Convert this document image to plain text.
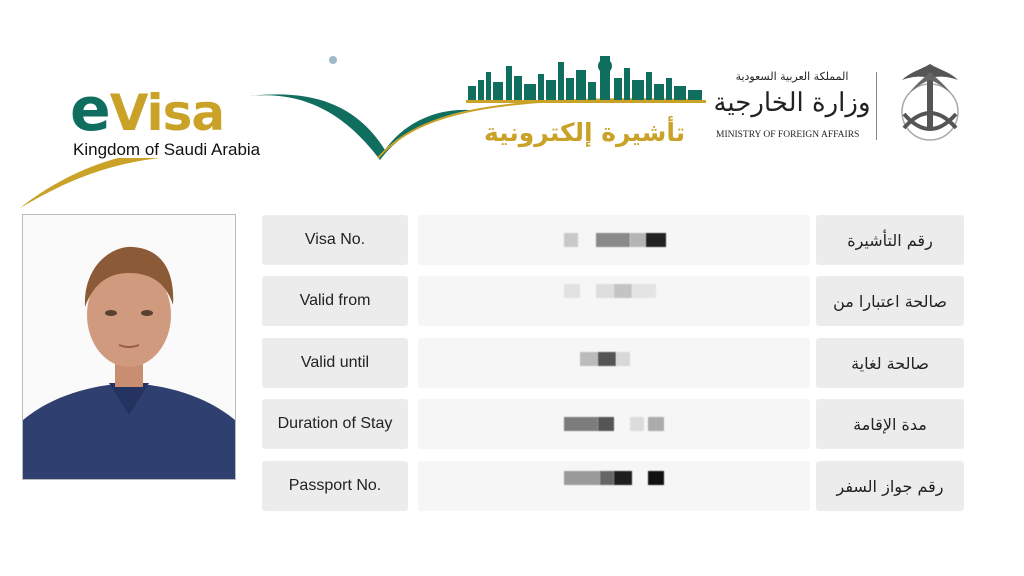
eVisa
Kingdom of Saudi Arabia
تأشيرة إلكترونية
المملكة العربية السعودية
وزارة الخارجية
MINISTRY OF FOREIGN AFFAIRS
Visa No.	رقم التأشيرة
Valid from	صالحة اعتبارا من
Valid until	صالحة لغاية
Duration of Stay	مدة الإقامة
Passport No.	رقم جواز السفر
